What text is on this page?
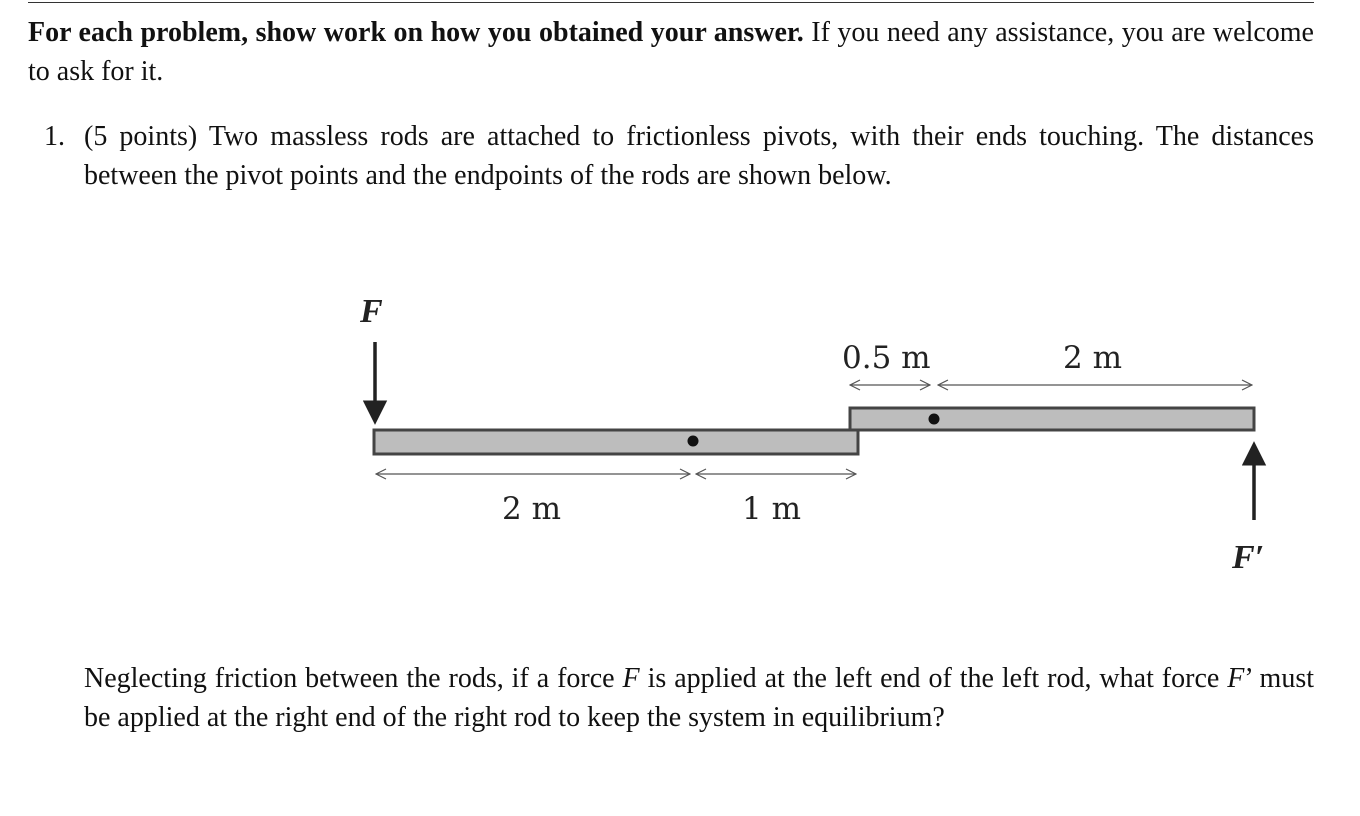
For each problem, show work on how you obtained your answer. If you need any assistance, you are welcome to ask for it.
1. (5 points) Two massless rods are attached to frictionless pivots, with their ends touching. The distances between the pivot points and the endpoints of the rods are shown below.
F
2 m	1 m
0.5 m	2 m
F′
Neglecting friction between the rods, if a force F is applied at the left end of the left rod, what force F’ must be applied at the right end of the right rod to keep the system in equilibrium?
